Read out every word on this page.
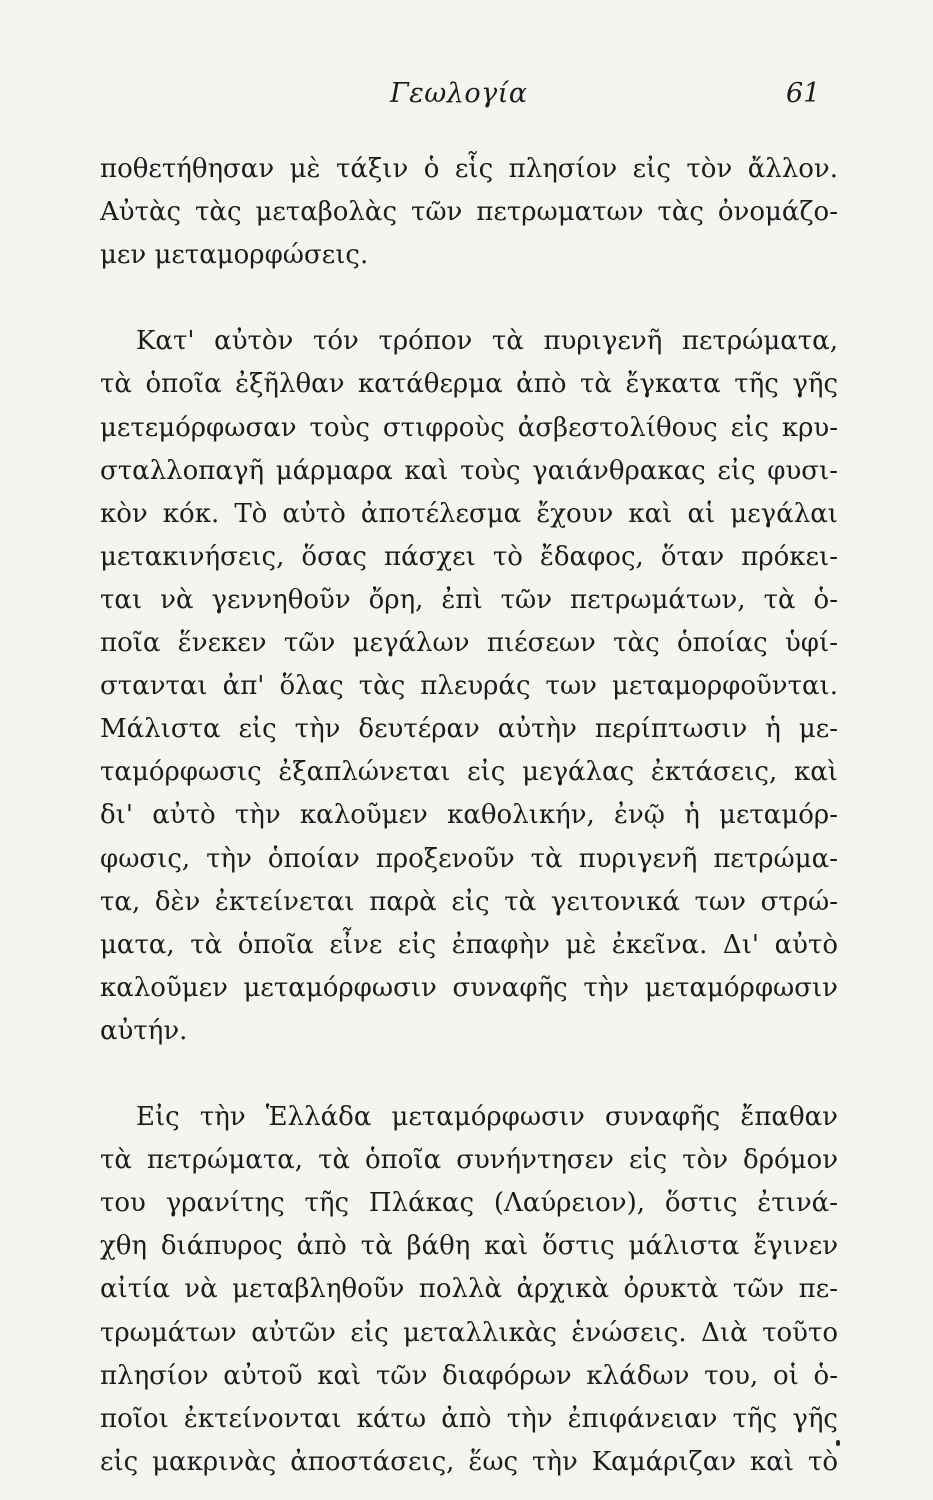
Γεωλογία	61
ποθετήθησαν μὲ τάξιν ὁ εἷς πλησίον εἰς τὸν ἄλλον.
Αὐτὰς τὰς μεταβολὰς τῶν πετρωματων τὰς ὀνομάζο-
μεν μεταμορφώσεις.
Κατ' αὐτὸν τόν τρόπον τὰ πυριγενῆ πετρώματα,
τὰ ὁποῖα ἐξῆλθαν κατάθερμα ἀπὸ τὰ ἔγκατα τῆς γῆς
μετεμόρφωσαν τοὺς στιφροὺς ἀσβεστολίθους εἰς κρυ-
σταλλοπαγῆ μάρμαρα καὶ τοὺς γαιάνθρακας εἰς φυσι-
κὸν κόκ. Τὸ αὐτὸ ἀποτέλεσμα ἔχουν καὶ αἱ μεγάλαι
μετακινήσεις, ὅσας πάσχει τὸ ἔδαφος, ὅταν πρόκει-
ται νὰ γεννηθοῦν ὄρη, ἐπὶ τῶν πετρωμάτων, τὰ ὁ-
ποῖα ἕνεκεν τῶν μεγάλων πιέσεων τὰς ὁποίας ὑφί-
στανται ἀπ' ὅλας τὰς πλευράς των μεταμορφοῦνται.
Μάλιστα εἰς τὴν δευτέραν αὐτὴν περίπτωσιν ἡ με-
ταμόρφωσις ἐξαπλώνεται εἰς μεγάλας ἐκτάσεις, καὶ
δι' αὐτὸ τὴν καλοῦμεν καθολικήν, ἐνῷ ἡ μεταμόρ-
φωσις, τὴν ὁποίαν προξενοῦν τὰ πυριγενῆ πετρώμα-
τα, δὲν ἐκτείνεται παρὰ εἰς τὰ γειτονικά των στρώ-
ματα, τὰ ὁποῖα εἶνε εἰς ἐπαφὴν μὲ ἐκεῖνα. Δι' αὐτὸ
καλοῦμεν μεταμόρφωσιν συναφῆς τὴν μεταμόρφωσιν
αὐτήν.
Εἰς τὴν Ἑλλάδα μεταμόρφωσιν συναφῆς ἔπαθαν
τὰ πετρώματα, τὰ ὁποῖα συνήντησεν εἰς τὸν δρόμον
του γρανίτης τῆς Πλάκας (Λαύρειον), ὅστις ἐτινά-
χθη διάπυρος ἀπὸ τὰ βάθη καὶ ὅστις μάλιστα ἔγινεν
αἰτία νὰ μεταβληθοῦν πολλὰ ἀρχικὰ ὀρυκτὰ τῶν πε-
τρωμάτων αὐτῶν εἰς μεταλλικὰς ἑνώσεις. Διὰ τοῦτο
πλησίον αὐτοῦ καὶ τῶν διαφόρων κλάδων του, οἱ ὁ-
ποῖοι ἐκτείνονται κάτω ἀπὸ τὴν ἐπιφάνειαν τῆς γῆς
εἰς μακρινὰς ἀποστάσεις, ἕως τὴν Καμάριζαν καὶ τὸ
